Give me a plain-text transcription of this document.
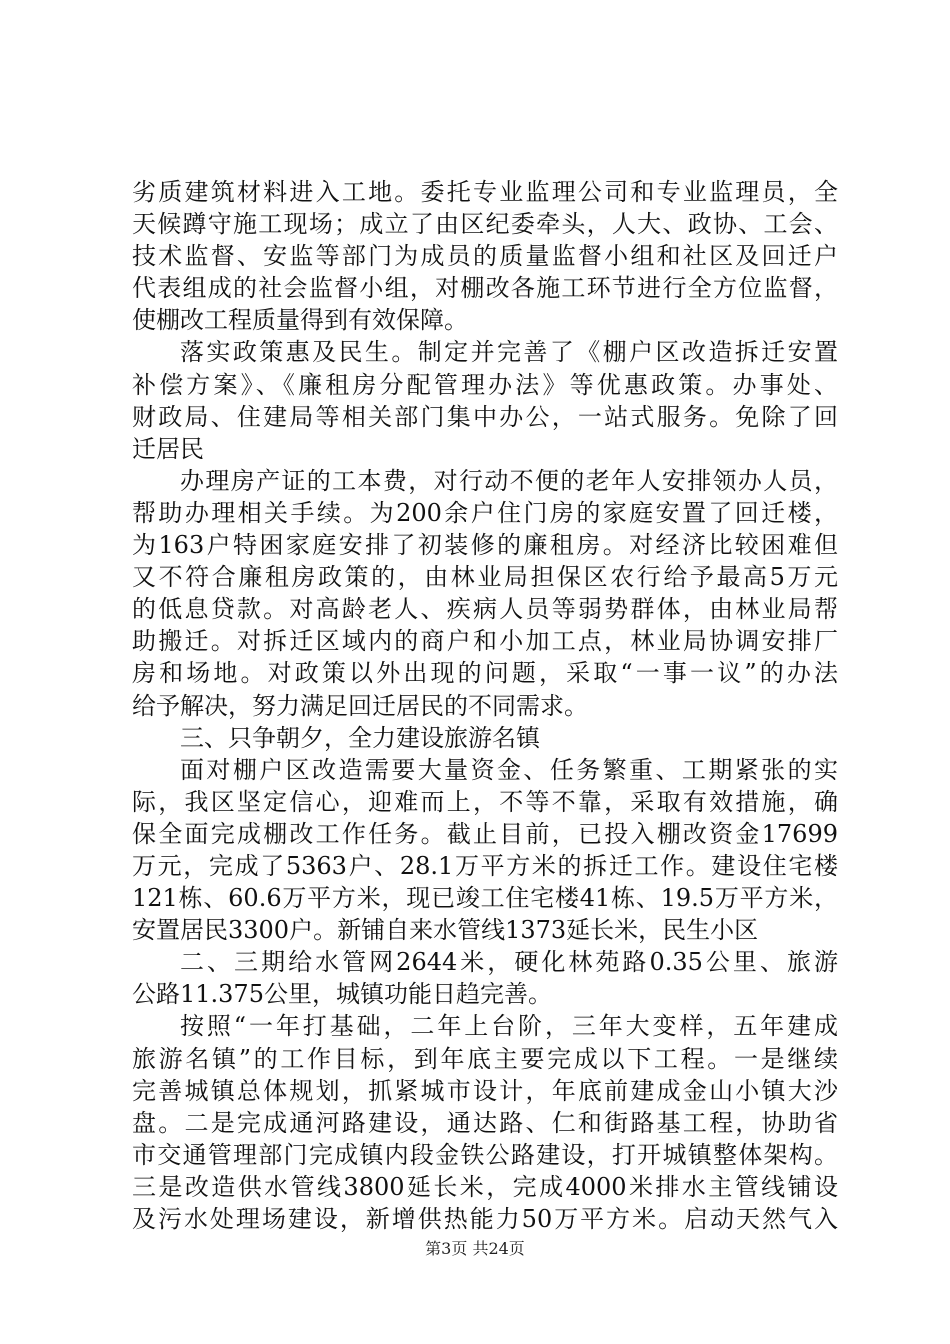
劣质建筑材料进入工地。委托专业监理公司和专业监理员，全
天候蹲守施工现场；成立了由区纪委牵头，人大、政协、工会、
技术监督、安监等部门为成员的质量监督小组和社区及回迁户
代表组成的社会监督小组，对棚改各施工环节进行全方位监督，
使棚改工程质量得到有效保障。
落实政策惠及民生。制定并完善了《棚户区改造拆迁安置
补偿方案》、《廉租房分配管理办法》等优惠政策。办事处、
财政局、住建局等相关部门集中办公，一站式服务。免除了回
迁居民
办理房产证的工本费，对行动不便的老年人安排领办人员，
帮助办理相关手续。为200余户住门房的家庭安置了回迁楼，
为163户特困家庭安排了初装修的廉租房。对经济比较困难但
又不符合廉租房政策的，由林业局担保区农行给予最高5万元
的低息贷款。对高龄老人、疾病人员等弱势群体，由林业局帮
助搬迁。对拆迁区域内的商户和小加工点，林业局协调安排厂
房和场地。对政策以外出现的问题，采取“一事一议”的办法
给予解决，努力满足回迁居民的不同需求。
三、只争朝夕，全力建设旅游名镇
面对棚户区改造需要大量资金、任务繁重、工期紧张的实
际，我区坚定信心，迎难而上，不等不靠，采取有效措施，确
保全面完成棚改工作任务。截止目前，已投入棚改资金17699
万元，完成了5363户、28.1万平方米的拆迁工作。建设住宅楼
121栋、60.6万平方米，现已竣工住宅楼41栋、19.5万平方米，
安置居民3300户。新铺自来水管线1373延长米，民生小区
二、三期给水管网2644米，硬化林苑路0.35公里、旅游
公路11.375公里，城镇功能日趋完善。
按照“一年打基础，二年上台阶，三年大变样，五年建成
旅游名镇”的工作目标，到年底主要完成以下工程。一是继续
完善城镇总体规划，抓紧城市设计，年底前建成金山小镇大沙
盘。二是完成通河路建设，通达路、仁和街路基工程，协助省
市交通管理部门完成镇内段金铁公路建设，打开城镇整体架构。
三是改造供水管线3800延长米，完成4000米排水主管线铺设
及污水处理场建设，新增供热能力50万平方米。启动天然气入
第3页 共24页
